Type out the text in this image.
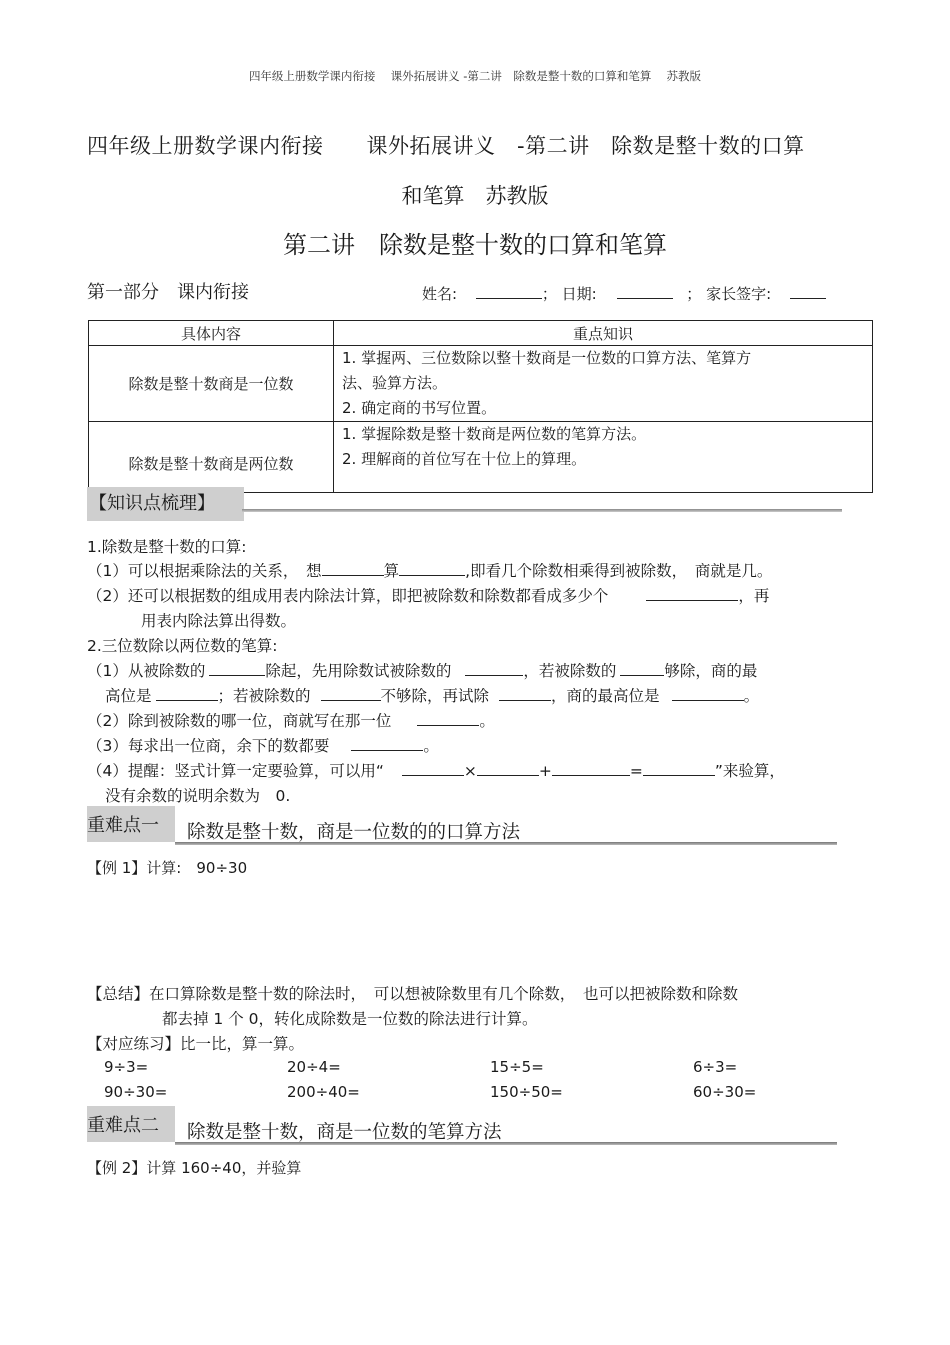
四年级上册数学课内衔接　 课外拓展讲义 -第二讲　除数是整十数的口算和笔算　 苏教版
四年级上册数学课内衔接　　课外拓展讲义　-第二讲　除数是整十数的口算
和笔算　苏教版
第二讲　除数是整十数的口算和笔算
第一部分　课内衔接	姓名:	； 日期:	； 家长签字:
具体内容	重点知识
除数是整十数商是一位数	1. 掌握两、三位数除以整十数商是一位数的口算方法、笔算方
法、验算方法。
2. 确定商的书写位置。

除数是整十数商是两位数	1. 掌握除数是整十数商是两位数的笔算方法。
2. 理解商的首位写在十位上的算理。
【知识点梳理】
1.除数是整十数的口算:
（1）可以根据乘除法的关系，　想	算	,即看几个除数相乘得到被除数，　商就是几。
（2）还可以根据数的组成用表内除法计算，即把被除数和除数都看成多少个	，再
用表内除法算出得数。
2.三位数除以两位数的笔算:
（1）从被除数的	除起，先用除数试被除数的	，若被除数的	够除，商的最
高位是	；若被除数的	不够除，再试除	，商的最高位是	。
（2）除到被除数的哪一位，商就写在那一位	。
（3）每求出一位商，余下的数都要	。
（4）提醒：竖式计算一定要验算，可以用“	×	+	=	”来验算，
没有余数的说明余数为　0.
重难点一	除数是整十数，商是一位数的的口算方法
【例 1】计算:　90÷30
【总结】在口算除数是整十数的除法时，　可以想被除数里有几个除数，　也可以把被除数和除数
都去掉 1 个 0，转化成除数是一位数的除法进行计算。
【对应练习】比一比，算一算。
9÷3=	20÷4=	15÷5=	6÷3=
90÷30=	200÷40=	150÷50=	60÷30=
重难点二	除数是整十数，商是一位数的笔算方法
【例 2】计算 160÷40，并验算
